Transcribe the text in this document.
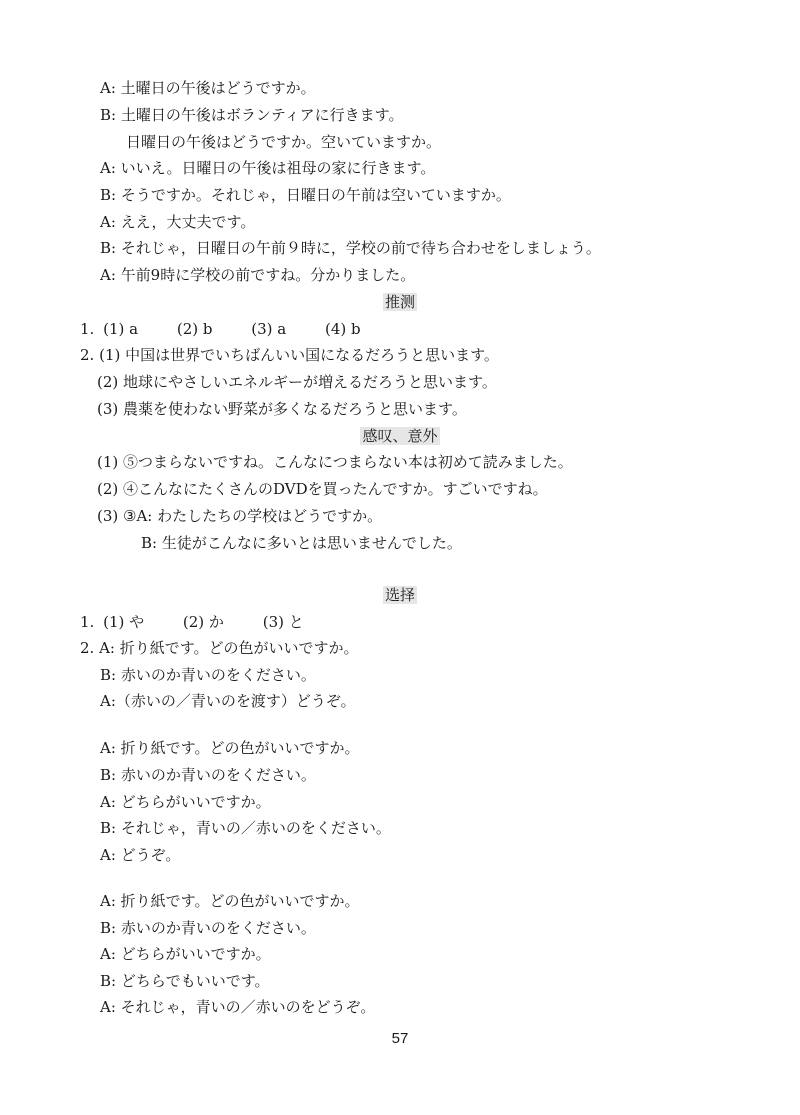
A: 土曜日の午後はどうですか。
B: 土曜日の午後はボランティアに行きます。
日曜日の午後はどうですか。空いていますか。
A: いいえ。日曜日の午後は祖母の家に行きます。
B: そうですか。それじゃ，日曜日の午前は空いていますか。
A: ええ，大丈夫です。
B: それじゃ，日曜日の午前９時に，学校の前で待ち合わせをしましょう。
A: 午前9時に学校の前ですね。分かりました。
推测
1. (1) a	(2) b	(3) a	(4) b
2. (1) 中国は世界でいちばんいい国になるだろうと思います。
(2) 地球にやさしいエネルギーが増えるだろうと思います。
(3) 農薬を使わない野菜が多くなるだろうと思います。
感叹、意外
(1) ⑤つまらないですね。こんなにつまらない本は初めて読みました。
(2) ④こんなにたくさんのDVDを買ったんですか。すごいですね。
(3) ③A: わたしたちの学校はどうですか。
B: 生徒がこんなに多いとは思いませんでした。
选择
1. (1) や	(2) か	(3) と
2. A: 折り紙です。どの色がいいですか。
B: 赤いのか青いのをください。
A:（赤いの／青いのを渡す）どうぞ。
A: 折り紙です。どの色がいいですか。
B: 赤いのか青いのをください。
A: どちらがいいですか。
B: それじゃ，青いの／赤いのをください。
A: どうぞ。
A: 折り紙です。どの色がいいですか。
B: 赤いのか青いのをください。
A: どちらがいいですか。
B: どちらでもいいです。
A: それじゃ，青いの／赤いのをどうぞ。
57
